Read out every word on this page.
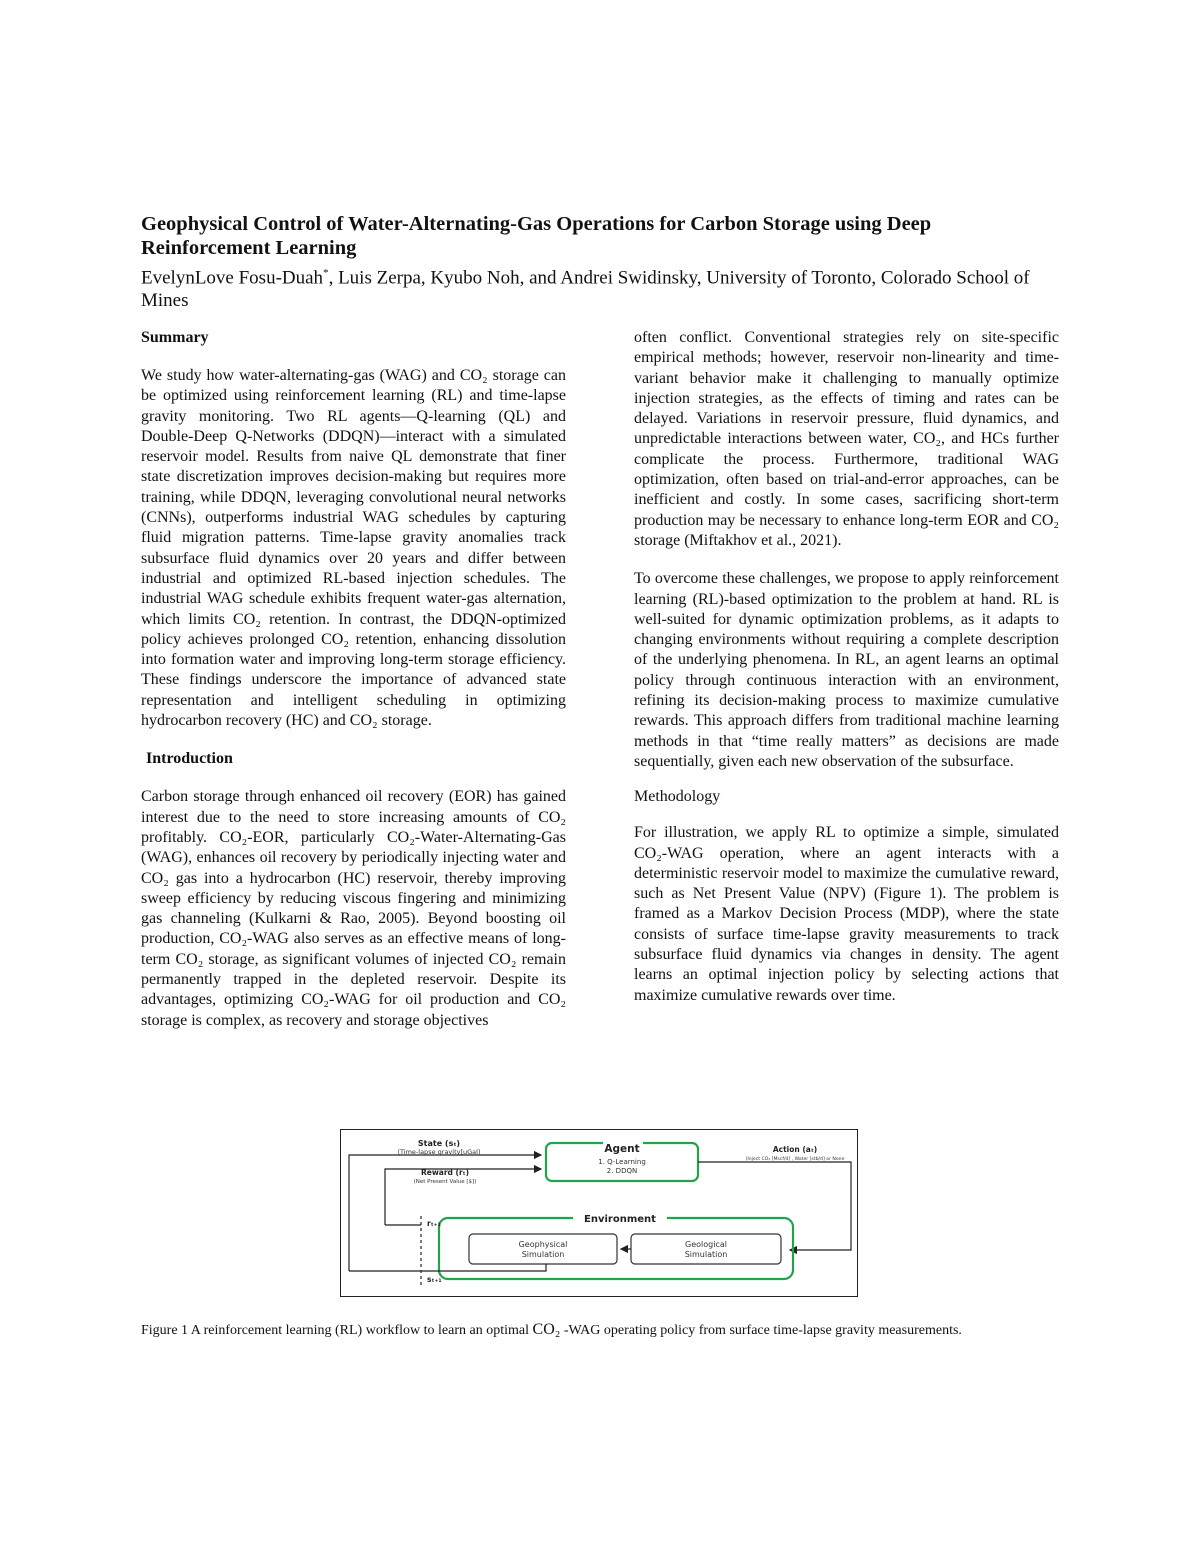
Geophysical Control of Water-Alternating-Gas Operations for Carbon Storage using Deep Reinforcement Learning

EvelynLove Fosu-Duah*, Luis Zerpa, Kyubo Noh, and Andrei Swidinsky, University of Toronto, Colorado School of Mines

Summary

We study how water-alternating-gas (WAG) and CO₂ storage can be optimized using reinforcement learning (RL) and time-lapse gravity monitoring. Two RL agents—Q-learning (QL) and Double-Deep Q-Networks (DDQN)—interact with a simulated reservoir model. Results from naive QL demonstrate that finer state discretization improves decision-making but requires more training, while DDQN, leveraging convolutional neural networks (CNNs), outperforms industrial WAG schedules by capturing fluid migration patterns. Time-lapse gravity anomalies track subsurface fluid dynamics over 20 years and differ between industrial and optimized RL-based injection schedules. The industrial WAG schedule exhibits frequent water-gas alternation, which limits CO₂ retention. In contrast, the DDQN-optimized policy achieves prolonged CO₂ retention, enhancing dissolution into formation water and improving long-term storage efficiency. These findings underscore the importance of advanced state representation and intelligent scheduling in optimizing hydrocarbon recovery (HC) and CO₂ storage.

Introduction

Carbon storage through enhanced oil recovery (EOR) has gained interest due to the need to store increasing amounts of CO₂ profitably. CO₂-EOR, particularly CO₂-Water-Alternating-Gas (WAG), enhances oil recovery by periodically injecting water and CO₂ gas into a hydrocarbon (HC) reservoir, thereby improving sweep efficiency by reducing viscous fingering and minimizing gas channeling (Kulkarni & Rao, 2005). Beyond boosting oil production, CO₂-WAG also serves as an effective means of long-term CO₂ storage, as significant volumes of injected CO₂ remain permanently trapped in the depleted reservoir. Despite its advantages, optimizing CO₂-WAG for oil production and CO₂ storage is complex, as recovery and storage objectives

often conflict. Conventional strategies rely on site-specific empirical methods; however, reservoir non-linearity and time-variant behavior make it challenging to manually optimize injection strategies, as the effects of timing and rates can be delayed. Variations in reservoir pressure, fluid dynamics, and unpredictable interactions between water, CO₂, and HCs further complicate the process. Furthermore, traditional WAG optimization, often based on trial-and-error approaches, can be inefficient and costly. In some cases, sacrificing short-term production may be necessary to enhance long-term EOR and CO₂ storage (Miftakhov et al., 2021).

To overcome these challenges, we propose to apply reinforcement learning (RL)-based optimization to the problem at hand. RL is well-suited for dynamic optimization problems, as it adapts to changing environments without requiring a complete description of the underlying phenomena. In RL, an agent learns an optimal policy through continuous interaction with an environment, refining its decision-making process to maximize cumulative rewards. This approach differs from traditional machine learning methods in that “time really matters” as decisions are made sequentially, given each new observation of the subsurface.

Methodology

For illustration, we apply RL to optimize a simple, simulated CO₂-WAG operation, where an agent interacts with a deterministic reservoir model to maximize the cumulative reward, such as Net Present Value (NPV) (Figure 1). The problem is framed as a Markov Decision Process (MDP), where the state consists of surface time-lapse gravity measurements to track subsurface fluid dynamics via changes in density. The agent learns an optimal injection policy by selecting actions that maximize cumulative rewards over time.

Agent
1. Q-Learning
2. DDQN
State (sₜ)
(Time-lapse gravity[uGal)
Reward (rₜ)
(Net Present Value [$])
Action (aₜ)
(Inject CO₂ [Mscf/d] , Water [stb/d] or None
Environment
Geophysical
Simulation
Geological
Simulation
rₜ₊₁
sₜ₊₁

Figure 1 A reinforcement learning (RL) workflow to learn an optimal CO₂ -WAG operating policy from surface time-lapse gravity measurements.
